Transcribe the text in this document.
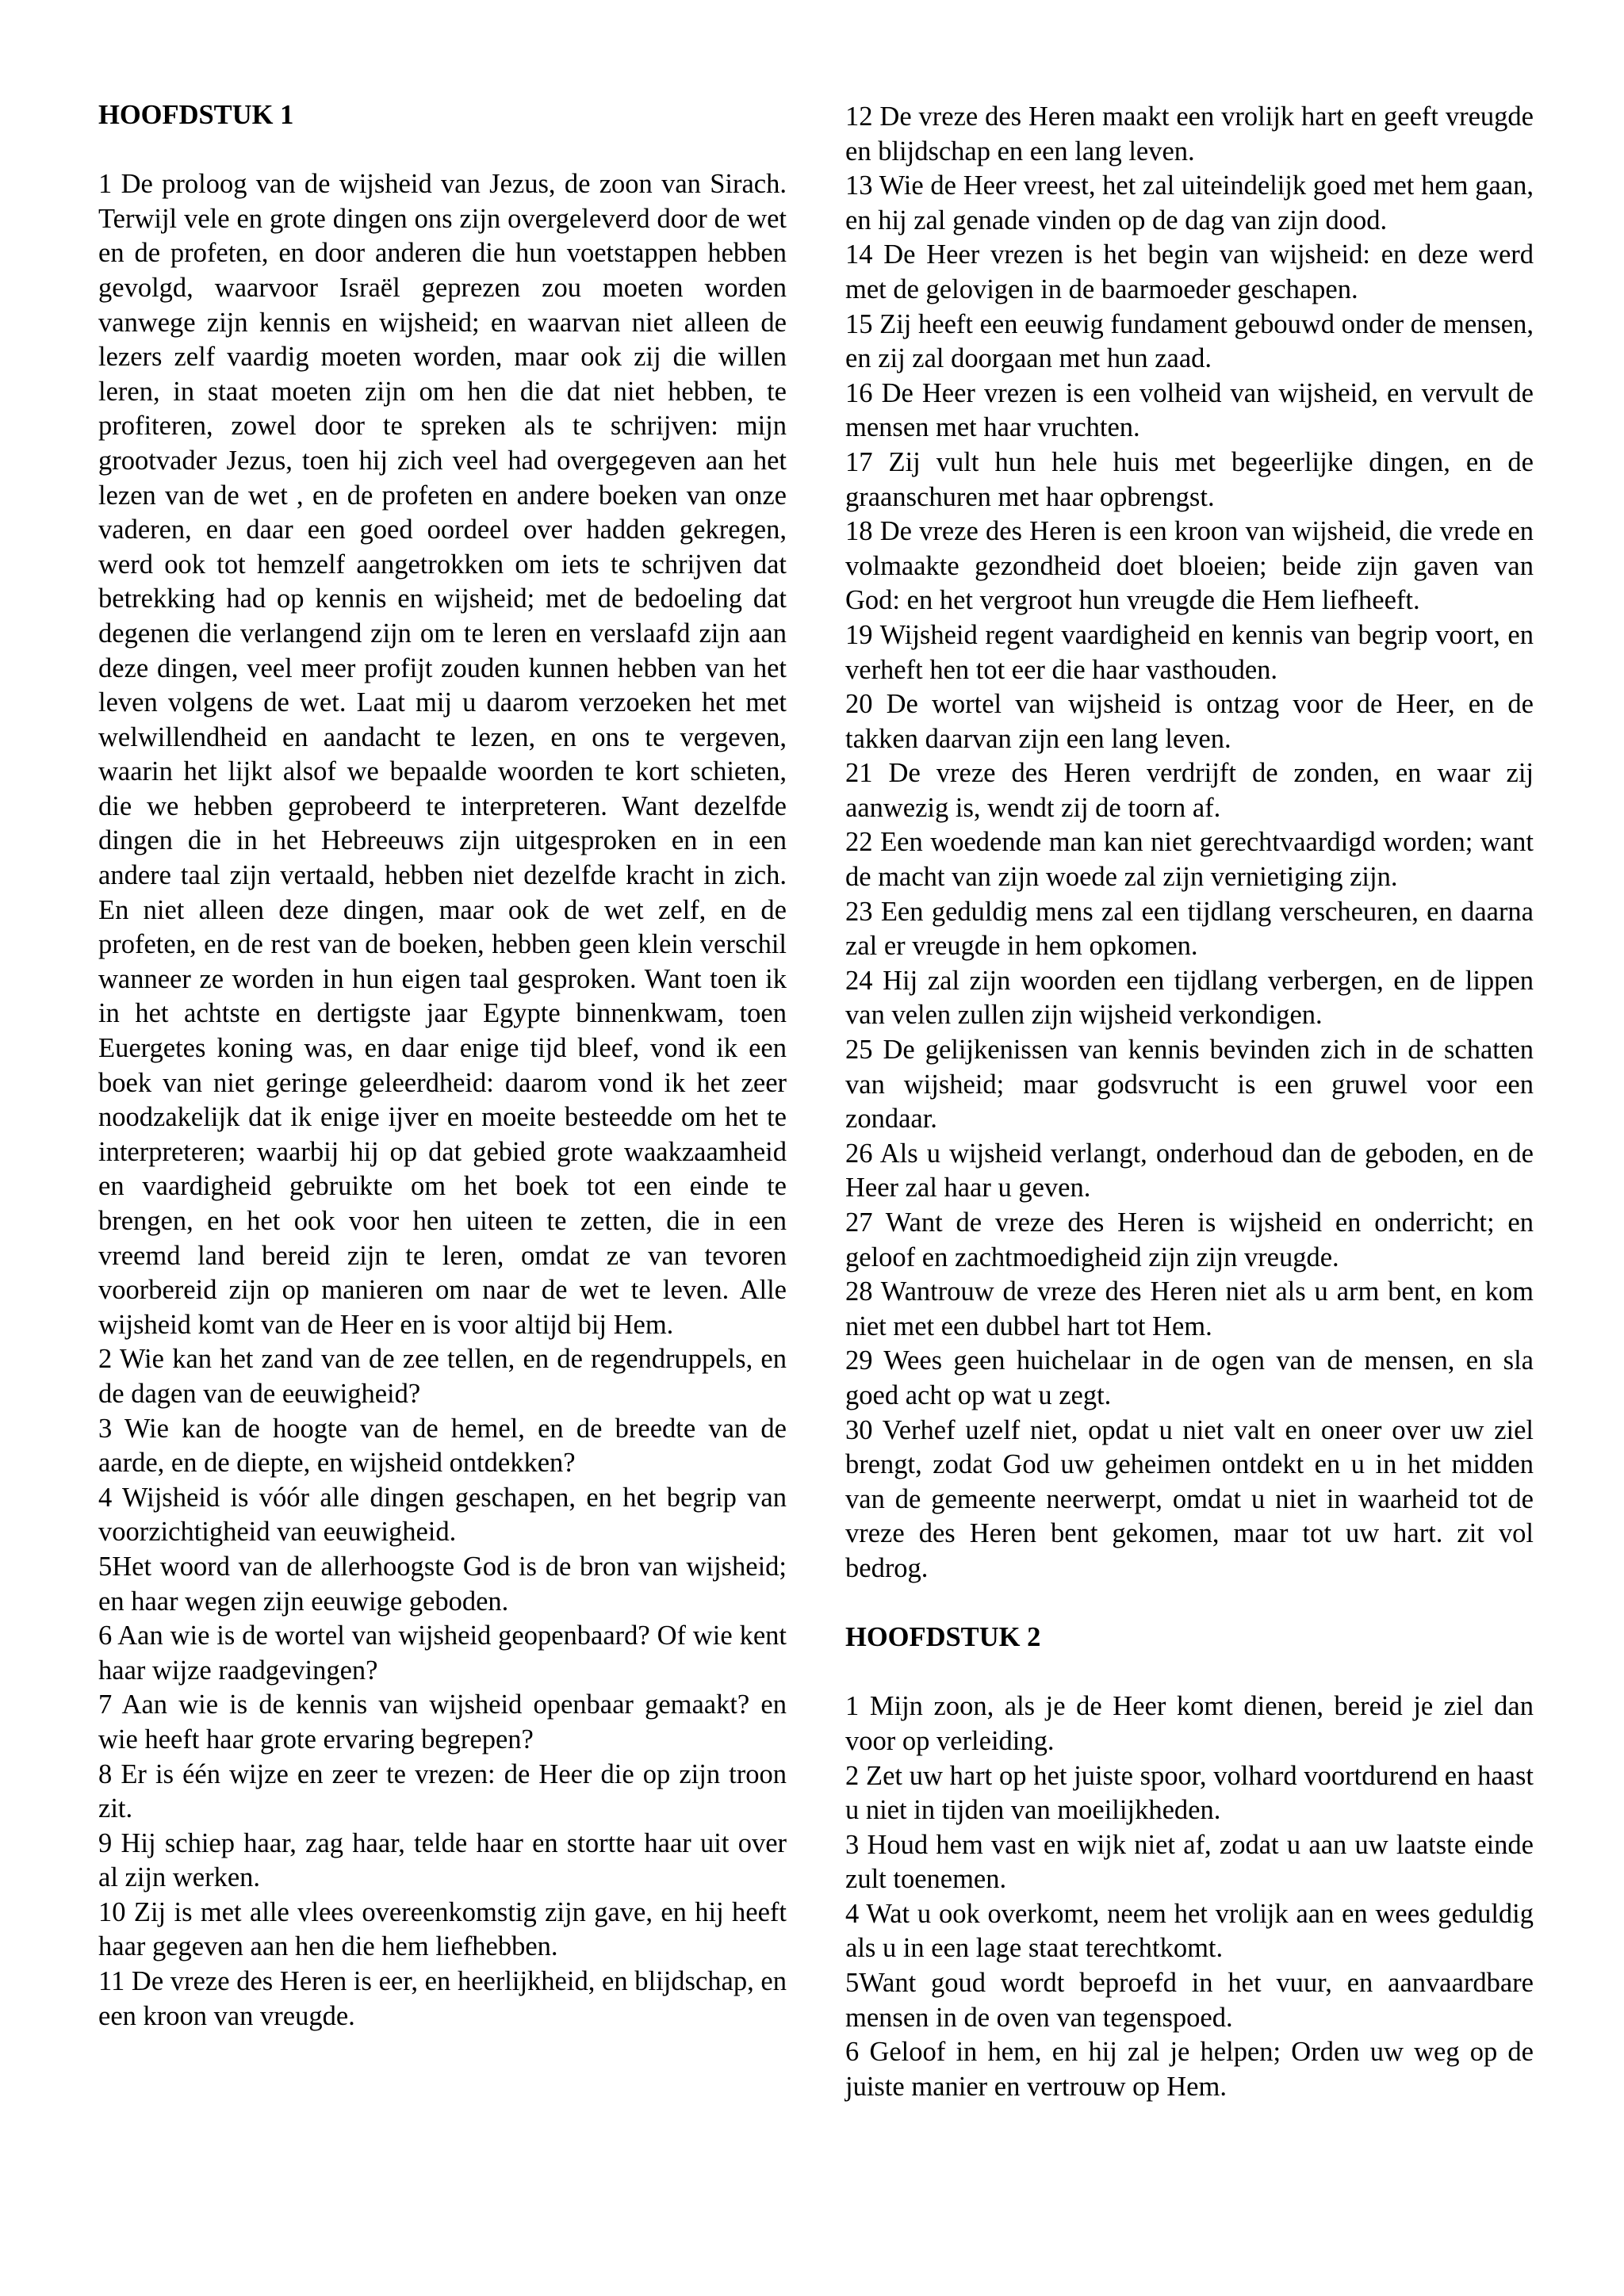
HOOFDSTUK 1

1 De proloog van de wijsheid van Jezus, de zoon van Sirach. Terwijl vele en grote dingen ons zijn overgeleverd door de wet en de profeten, en door anderen die hun voetstappen hebben gevolgd, waarvoor Israël geprezen zou moeten worden vanwege zijn kennis en wijsheid; en waarvan niet alleen de lezers zelf vaardig moeten worden, maar ook zij die willen leren, in staat moeten zijn om hen die dat niet hebben, te profiteren, zowel door te spreken als te schrijven: mijn grootvader Jezus, toen hij zich veel had overgegeven aan het lezen van de wet , en de profeten en andere boeken van onze vaderen, en daar een goed oordeel over hadden gekregen, werd ook tot hemzelf aangetrokken om iets te schrijven dat betrekking had op kennis en wijsheid; met de bedoeling dat degenen die verlangend zijn om te leren en verslaafd zijn aan deze dingen, veel meer profijt zouden kunnen hebben van het leven volgens de wet. Laat mij u daarom verzoeken het met welwillendheid en aandacht te lezen, en ons te vergeven, waarin het lijkt alsof we bepaalde woorden te kort schieten, die we hebben geprobeerd te interpreteren. Want dezelfde dingen die in het Hebreeuws zijn uitgesproken en in een andere taal zijn vertaald, hebben niet dezelfde kracht in zich. En niet alleen deze dingen, maar ook de wet zelf, en de profeten, en de rest van de boeken, hebben geen klein verschil wanneer ze worden in hun eigen taal gesproken. Want toen ik in het achtste en dertigste jaar Egypte binnenkwam, toen Euergetes koning was, en daar enige tijd bleef, vond ik een boek van niet geringe geleerdheid: daarom vond ik het zeer noodzakelijk dat ik enige ijver en moeite besteedde om het te interpreteren; waarbij hij op dat gebied grote waakzaamheid en vaardigheid gebruikte om het boek tot een einde te brengen, en het ook voor hen uiteen te zetten, die in een vreemd land bereid zijn te leren, omdat ze van tevoren voorbereid zijn op manieren om naar de wet te leven. Alle wijsheid komt van de Heer en is voor altijd bij Hem.

2 Wie kan het zand van de zee tellen, en de regendruppels, en de dagen van de eeuwigheid?

3 Wie kan de hoogte van de hemel, en de breedte van de aarde, en de diepte, en wijsheid ontdekken?

4 Wijsheid is vóór alle dingen geschapen, en het begrip van voorzichtigheid van eeuwigheid.

5Het woord van de allerhoogste God is de bron van wijsheid; en haar wegen zijn eeuwige geboden.

6 Aan wie is de wortel van wijsheid geopenbaard? Of wie kent haar wijze raadgevingen?

7 Aan wie is de kennis van wijsheid openbaar gemaakt? en wie heeft haar grote ervaring begrepen?

8 Er is één wijze en zeer te vrezen: de Heer die op zijn troon zit.

9 Hij schiep haar, zag haar, telde haar en stortte haar uit over al zijn werken.

10 Zij is met alle vlees overeenkomstig zijn gave, en hij heeft haar gegeven aan hen die hem liefhebben.

11 De vreze des Heren is eer, en heerlijkheid, en blijdschap, en een kroon van vreugde.

12 De vreze des Heren maakt een vrolijk hart en geeft vreugde en blijdschap en een lang leven.

13 Wie de Heer vreest, het zal uiteindelijk goed met hem gaan, en hij zal genade vinden op de dag van zijn dood.

14 De Heer vrezen is het begin van wijsheid: en deze werd met de gelovigen in de baarmoeder geschapen.

15 Zij heeft een eeuwig fundament gebouwd onder de mensen, en zij zal doorgaan met hun zaad.

16 De Heer vrezen is een volheid van wijsheid, en vervult de mensen met haar vruchten.

17 Zij vult hun hele huis met begeerlijke dingen, en de graanschuren met haar opbrengst.

18 De vreze des Heren is een kroon van wijsheid, die vrede en volmaakte gezondheid doet bloeien; beide zijn gaven van God: en het vergroot hun vreugde die Hem liefheeft.

19 Wijsheid regent vaardigheid en kennis van begrip voort, en verheft hen tot eer die haar vasthouden.

20 De wortel van wijsheid is ontzag voor de Heer, en de takken daarvan zijn een lang leven.

21 De vreze des Heren verdrijft de zonden, en waar zij aanwezig is, wendt zij de toorn af.

22 Een woedende man kan niet gerechtvaardigd worden; want de macht van zijn woede zal zijn vernietiging zijn.

23 Een geduldig mens zal een tijdlang verscheuren, en daarna zal er vreugde in hem opkomen.

24 Hij zal zijn woorden een tijdlang verbergen, en de lippen van velen zullen zijn wijsheid verkondigen.

25 De gelijkenissen van kennis bevinden zich in de schatten van wijsheid; maar godsvrucht is een gruwel voor een zondaar.

26 Als u wijsheid verlangt, onderhoud dan de geboden, en de Heer zal haar u geven.

27 Want de vreze des Heren is wijsheid en onderricht; en geloof en zachtmoedigheid zijn zijn vreugde.

28 Wantrouw de vreze des Heren niet als u arm bent, en kom niet met een dubbel hart tot Hem.

29 Wees geen huichelaar in de ogen van de mensen, en sla goed acht op wat u zegt.

30 Verhef uzelf niet, opdat u niet valt en oneer over uw ziel brengt, zodat God uw geheimen ontdekt en u in het midden van de gemeente neerwerpt, omdat u niet in waarheid tot de vreze des Heren bent gekomen, maar tot uw hart. zit vol bedrog.

HOOFDSTUK 2

1 Mijn zoon, als je de Heer komt dienen, bereid je ziel dan voor op verleiding.

2 Zet uw hart op het juiste spoor, volhard voortdurend en haast u niet in tijden van moeilijkheden.

3 Houd hem vast en wijk niet af, zodat u aan uw laatste einde zult toenemen.

4 Wat u ook overkomt, neem het vrolijk aan en wees geduldig als u in een lage staat terechtkomt.

5Want goud wordt beproefd in het vuur, en aanvaardbare mensen in de oven van tegenspoed.

6 Geloof in hem, en hij zal je helpen; Orden uw weg op de juiste manier en vertrouw op Hem.
